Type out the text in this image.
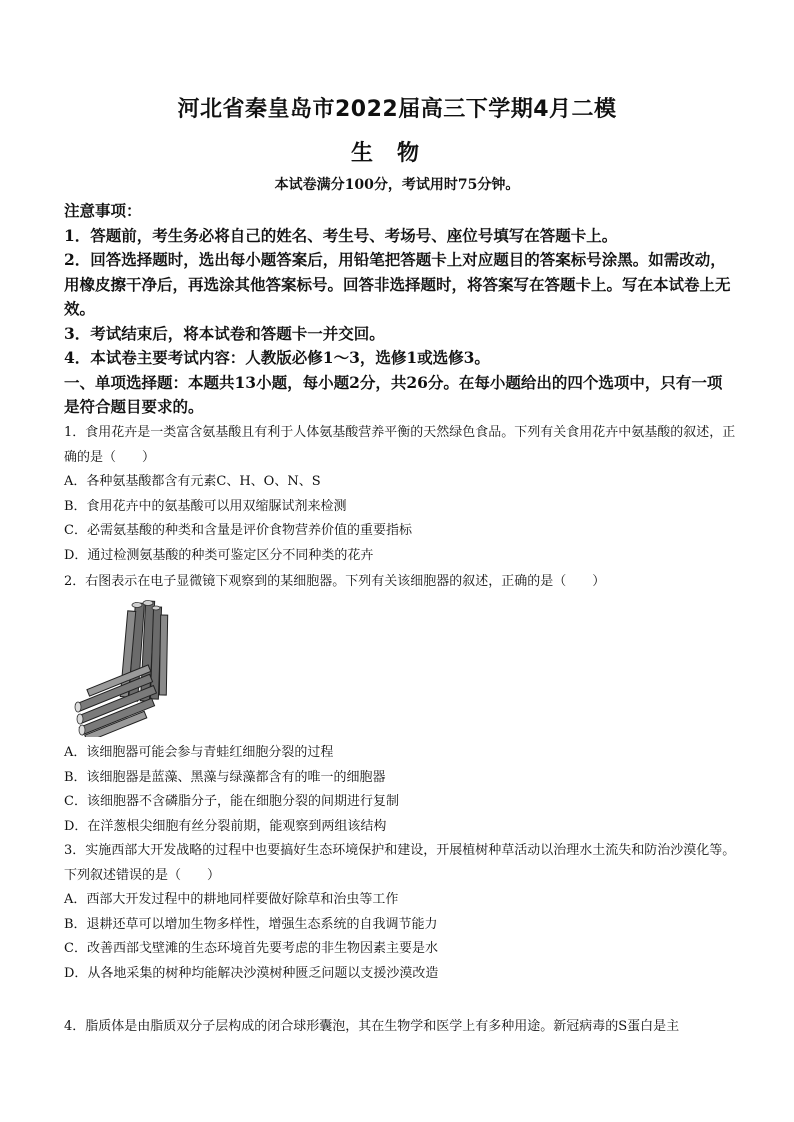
河北省秦皇岛市2022届高三下学期4月二模
生物
本试卷满分100分，考试用时75分钟。

注意事项：

1．答题前，考生务必将自己的姓名、考生号、考场号、座位号填写在答题卡上。

2．回答选择题时，选出每小题答案后，用铅笔把答题卡上对应题目的答案标号涂黑。如需改动，用橡皮擦干净后，再选涂其他答案标号。回答非选择题时，将答案写在答题卡上。写在本试卷上无效。

3．考试结束后，将本试卷和答题卡一并交回。

4．本试卷主要考试内容：人教版必修1～3，选修1或选修3。

一、单项选择题：本题共13小题，每小题2分，共26分。在每小题给出的四个选项中，只有一项是符合题目要求的。

1．食用花卉是一类富含氨基酸且有利于人体氨基酸营养平衡的天然绿色食品。下列有关食用花卉中氨基酸的叙述，正确的是（　　）

A．各种氨基酸都含有元素C、H、O、N、S

B．食用花卉中的氨基酸可以用双缩脲试剂来检测

C．必需氨基酸的种类和含量是评价食物营养价值的重要指标

D．通过检测氨基酸的种类可鉴定区分不同种类的花卉

2．右图表示在电子显微镜下观察到的某细胞器。下列有关该细胞器的叙述，正确的是（　　）

A．该细胞器可能会参与青蛙红细胞分裂的过程

B．该细胞器是蓝藻、黑藻与绿藻都含有的唯一的细胞器

C．该细胞器不含磷脂分子，能在细胞分裂的间期进行复制

D．在洋葱根尖细胞有丝分裂前期，能观察到两组该结构

3．实施西部大开发战略的过程中也要搞好生态环境保护和建设，开展植树种草活动以治理水土流失和防治沙漠化等。下列叙述错误的是（　　）

A．西部大开发过程中的耕地同样要做好除草和治虫等工作

B．退耕还草可以增加生物多样性，增强生态系统的自我调节能力

C．改善西部戈壁滩的生态环境首先要考虑的非生物因素主要是水

D．从各地采集的树种均能解决沙漠树种匮乏问题以支援沙漠改造

4．脂质体是由脂质双分子层构成的闭合球形囊泡，其在生物学和医学上有多种用途。新冠病毒的S蛋白是主
